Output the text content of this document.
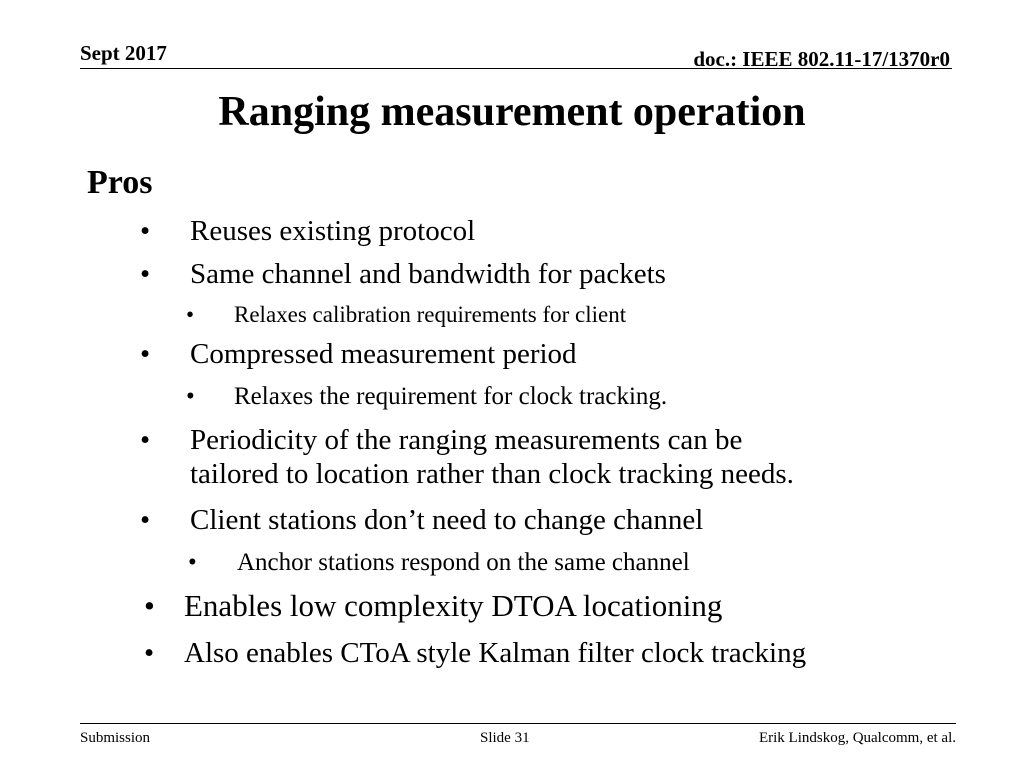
Sept 2017	doc.: IEEE 802.11-17/1370r0
Ranging measurement operation
Pros
• Reuses existing protocol
• Same channel and bandwidth for packets
• Relaxes calibration requirements for client
• Compressed measurement period
• Relaxes the requirement for clock tracking.
• Periodicity of the ranging measurements can be
tailored to location rather than clock tracking needs.
• Client stations don’t need to change channel
• Anchor stations respond on the same channel
• Enables low complexity DTOA locationing
• Also enables CToA style Kalman filter clock tracking
Submission	Slide 31	Erik Lindskog, Qualcomm, et al.
